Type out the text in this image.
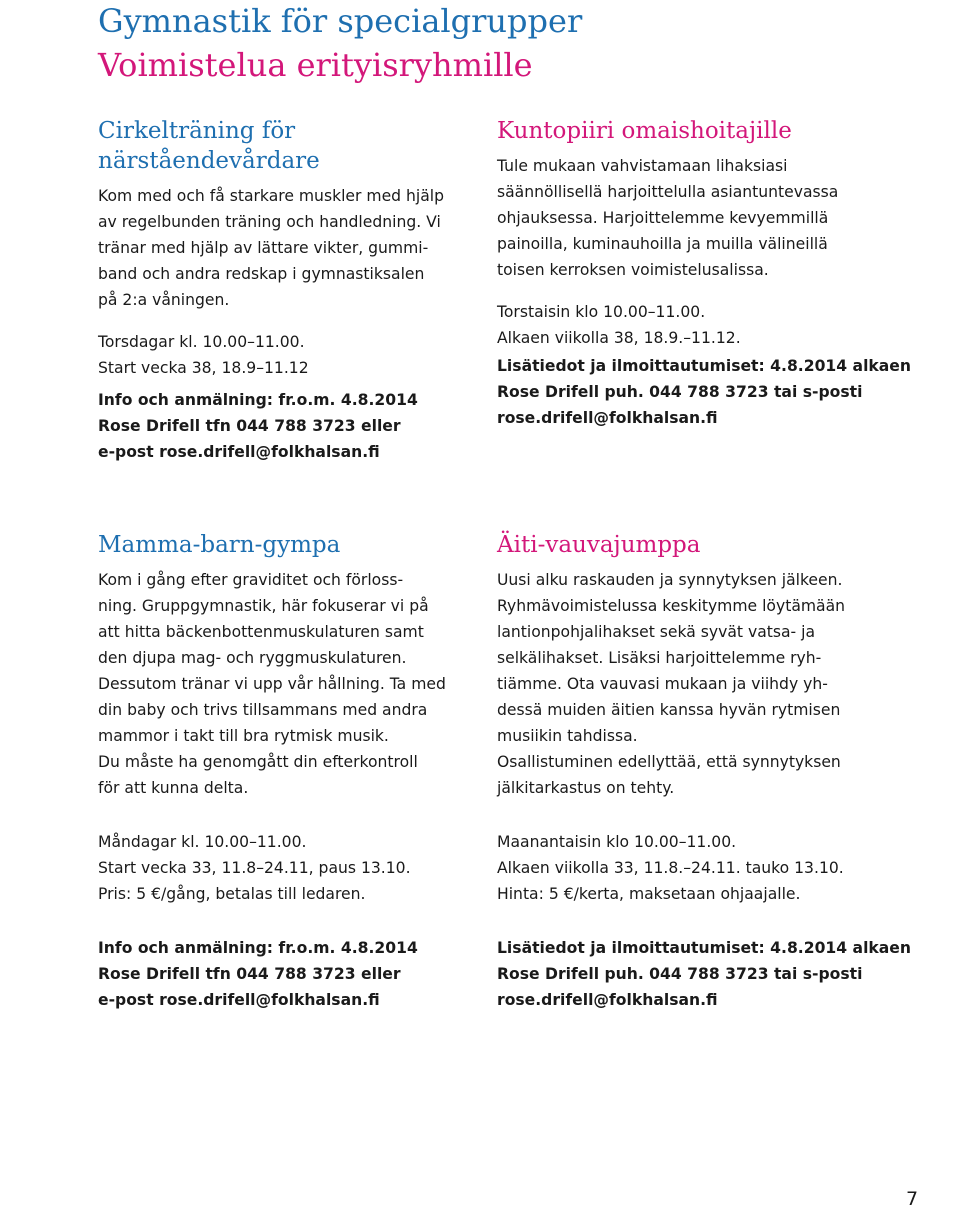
Gymnastik för specialgrupper
Voimistelua erityisryhmille
Cirkelträning för
närståendevårdare

Kom med och få starkare muskler med hjälp
av regelbunden träning och handledning. Vi
tränar med hjälp av lättare vikter, gummi-
band och andra redskap i gymnastiksalen
på 2:a våningen.

Torsdagar kl. 10.00–11.00.
Start vecka 38, 18.9–11.12

Info och anmälning: fr.o.m. 4.8.2014
Rose Drifell tfn 044 788 3723 eller
e-post rose.drifell@folkhalsan.fi

Kuntopiiri omaishoitajille

Tule mukaan vahvistamaan lihaksiasi
säännöllisellä harjoittelulla asiantuntevassa
ohjauksessa. Harjoittelemme kevyemmillä
painoilla, kuminauhoilla ja muilla välineillä
toisen kerroksen voimistelusalissa.

Torstaisin klo 10.00–11.00.
Alkaen viikolla 38, 18.9.–11.12.

Lisätiedot ja ilmoittautumiset: 4.8.2014 alkaen
Rose Drifell puh. 044 788 3723 tai s-posti
rose.drifell@folkhalsan.fi

Mamma-barn-gympa

Kom i gång efter graviditet och förloss-
ning. Gruppgymnastik, här fokuserar vi på
att hitta bäckenbottenmuskulaturen samt
den djupa mag- och ryggmuskulaturen.
Dessutom tränar vi upp vår hållning. Ta med
din baby och trivs tillsammans med andra
mammor i takt till bra rytmisk musik.
Du måste ha genomgått din efterkontroll
för att kunna delta.

Måndagar kl. 10.00–11.00.
Start vecka 33, 11.8–24.11, paus 13.10.
Pris: 5 €/gång, betalas till ledaren.

Info och anmälning: fr.o.m. 4.8.2014
Rose Drifell tfn 044 788 3723 eller
e-post rose.drifell@folkhalsan.fi

Äiti-vauvajumppa

Uusi alku raskauden ja synnytyksen jälkeen.
Ryhmävoimistelussa keskitymme löytämään
lantionpohjalihakset sekä syvät vatsa- ja
selkälihakset. Lisäksi harjoittelemme ryh-
tiämme. Ota vauvasi mukaan ja viihdy yh-
dessä muiden äitien kanssa hyvän rytmisen
musiikin tahdissa.
Osallistuminen edellyttää, että synnytyksen
jälkitarkastus on tehty.

Maanantaisin klo 10.00–11.00.
Alkaen viikolla 33, 11.8.–24.11. tauko 13.10.
Hinta: 5 €/kerta, maksetaan ohjaajalle.

Lisätiedot ja ilmoittautumiset: 4.8.2014 alkaen
Rose Drifell puh. 044 788 3723 tai s-posti
rose.drifell@folkhalsan.fi

7
